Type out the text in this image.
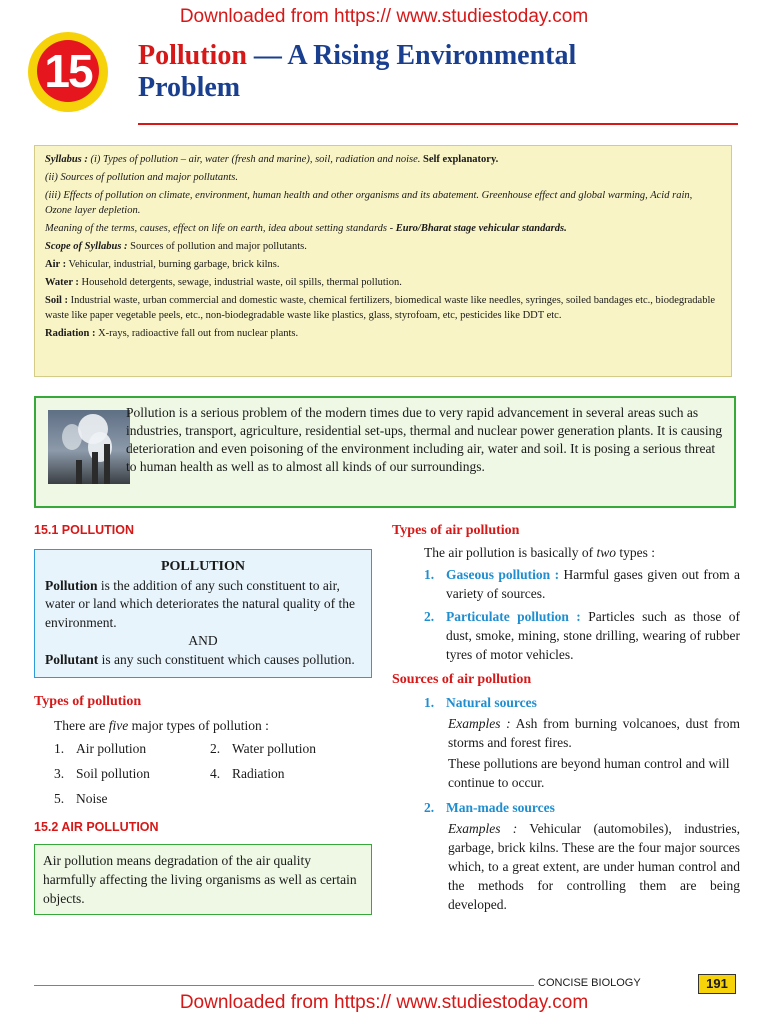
Downloaded from https:// www.studiestoday.com
15 Pollution — A Rising Environmental
Problem

Syllabus : (i) Types of pollution – air, water (fresh and marine), soil, radiation and noise. Self explanatory.

(ii) Sources of pollution and major pollutants.

(iii) Effects of pollution on climate, environment, human health and other organisms and its abatement. Greenhouse effect and global warming, Acid rain, Ozone layer depletion.

Meaning of the terms, causes, effect on life on earth, idea about setting standards - Euro/Bharat stage vehicular standards.

Scope of Syllabus : Sources of pollution and major pollutants.

Air : Vehicular, industrial, burning garbage, brick kilns.

Water : Household detergents, sewage, industrial waste, oil spills, thermal pollution.

Soil : Industrial waste, urban commercial and domestic waste, chemical fertilizers, biomedical waste like needles, syringes, soiled bandages etc., biodegradable waste like paper vegetable peels, etc., non-biodegradable waste like plastics, glass, styrofoam, etc, pesticides like DDT etc.

Radiation : X-rays, radioactive fall out from nuclear plants.

Pollution is a serious problem of the modern times due to very rapid advancement in several areas such as industries, transport, agriculture, residential set-ups, thermal and nuclear power generation plants. It is causing deterioration and even poisoning of the environment including air, water and soil. It is posing a serious threat to human health as well as to almost all kinds of our surroundings.
15.1 POLLUTION
POLLUTION
Pollution is the addition of any such constituent to air, water or land which deteriorates the natural quality of the environment.
AND
Pollutant is any such constituent which causes pollution.
Types of pollution
There are five major types of pollution :
1. Air pollution	2. Water pollution
3. Soil pollution	4. Radiation
5. Noise
15.2 AIR POLLUTION
Air pollution means degradation of the air quality harmfully affecting the living organisms as well as certain objects.
Types of air pollution
The air pollution is basically of two types :
1. Gaseous pollution : Harmful gases given out from a variety of sources.
2. Particulate pollution : Particles such as those of dust, smoke, mining, stone drilling, wearing of rubber tyres of motor vehicles.
Sources of air pollution
1. Natural sources
Examples : Ash from burning volcanoes, dust from storms and forest fires.
These pollutions are beyond human control and will continue to occur.
2. Man-made sources
Examples : Vehicular (automobiles), industries, garbage, brick kilns. These are the four major sources which, to a great extent, are under human control and the methods for controlling them are being developed.
CONCISE BIOLOGY	191
Downloaded from https:// www.studiestoday.com
